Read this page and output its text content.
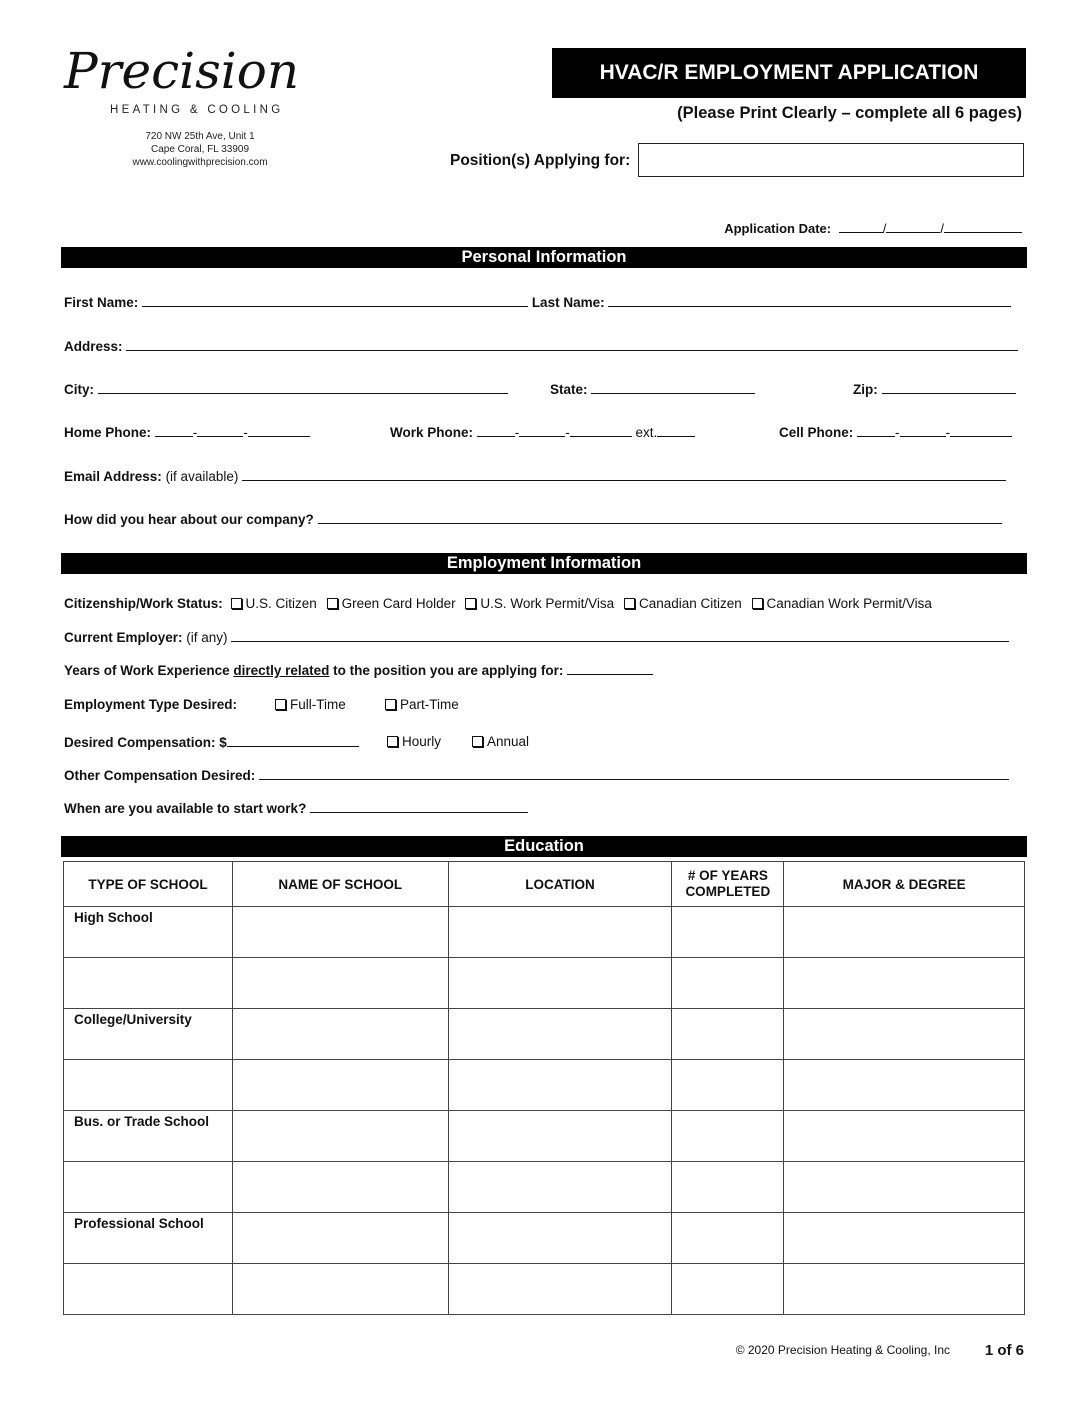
Precision
HEATING & COOLING
720 NW 25th Ave, Unit 1
Cape Coral, FL 33909
www.coolingwithprecision.com
HVAC/R EMPLOYMENT APPLICATION
(Please Print Clearly – complete all 6 pages)
Position(s) Applying for:
Application Date:	/	/
Personal Information
First Name:	Last Name:
Address:
City:	State:	Zip:
Home Phone:	-	-	Work Phone:	-	-	ext.	Cell Phone:	-	-
Email Address: (if available)
How did you hear about our company?
Employment Information
Citizenship/Work Status: U.S. Citizen Green Card Holder U.S. Work Permit/Visa Canadian Citizen Canadian Work Permit/Visa
Current Employer: (if any)
Years of Work Experience directly related to the position you are applying for:
Employment Type Desired:	Full-Time	Part-Time
Desired Compensation: $	Hourly	Annual
Other Compensation Desired:
When are you available to start work?
Education
TYPE OF SCHOOL	NAME OF SCHOOL	LOCATION	# OF YEARS COMPLETED	MAJOR & DEGREE
High School				

College/University				

Bus. or Trade School				

Professional School				

© 2020 Precision Heating & Cooling, Inc 1 of 6
